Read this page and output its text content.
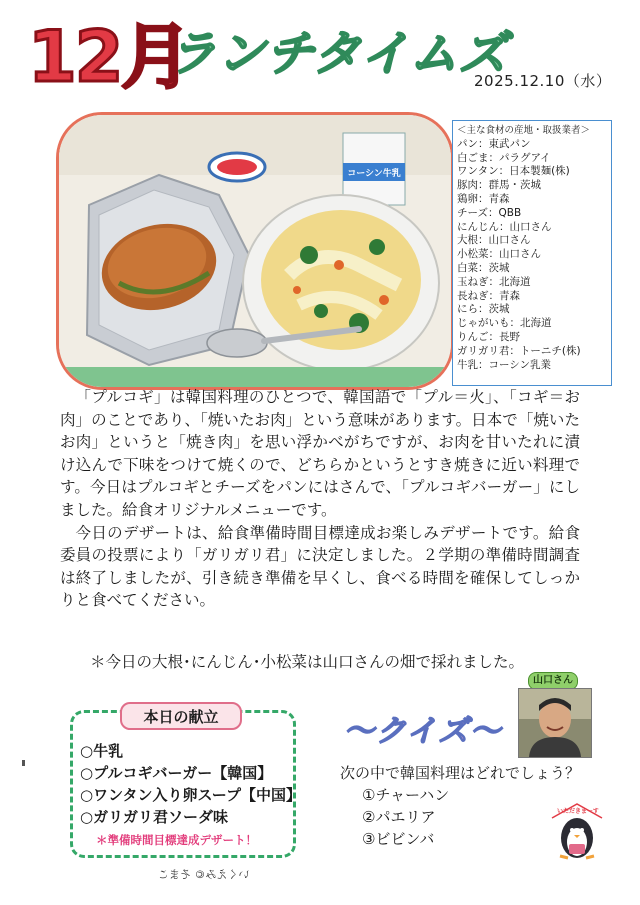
12月
ランチタイムズ
2025.12.10（水）
コーシン牛乳
＜主な食材の産地・取扱業者＞
パン：東武パン
白ごま：パラグアイ
ワンタン：日本製麺(株)
豚肉：群馬・茨城
鶏卵：青森
チーズ：QBB
にんじん：山口さん
大根：山口さん
小松菜：山口さん
白菜：茨城
玉ねぎ：北海道
長ねぎ：青森
にら：茨城
じゃがいも：北海道
りんご：長野
ガリガリ君：トーニチ(株)
牛乳：コーシン乳業

「プルコギ」は韓国料理のひとつで、韓国語で「プル＝火」、「コギ＝お肉」のことであり、「焼いたお肉」という意味があります。日本で「焼いたお肉」というと「焼き肉」を思い浮かべがちですが、お肉を甘いたれに漬け込んで下味をつけて焼くので、どちらかというとすき焼きに近い料理です。今日はプルコギとチーズをパンにはさんで、「プルコギバーガー」にしました。給食オリジナルメニューです。

今日のデザートは、給食準備時間目標達成お楽しみデザートです。給食委員の投票により「ガリガリ君」に決定しました。２学期の準備時間調査は終了しましたが、引き続き準備を早くし、食べる時間を確保してしっかりと食べてください。

＊今日の大根･にんじん･小松菜は山口さんの畑で採れました。
本日の献立
○牛乳
○プルコギバーガー【韓国】
○ワンタン入り卵スープ【中国】
○ガリガリ君ソーダ味
＊準備時間目標達成デザート！
いくえみ© そまこ
～クイズ～
次の中で韓国料理はどれでしょう？
①チャーハン
②パエリア
③ビビンバ
山口さん
いただきまーす
